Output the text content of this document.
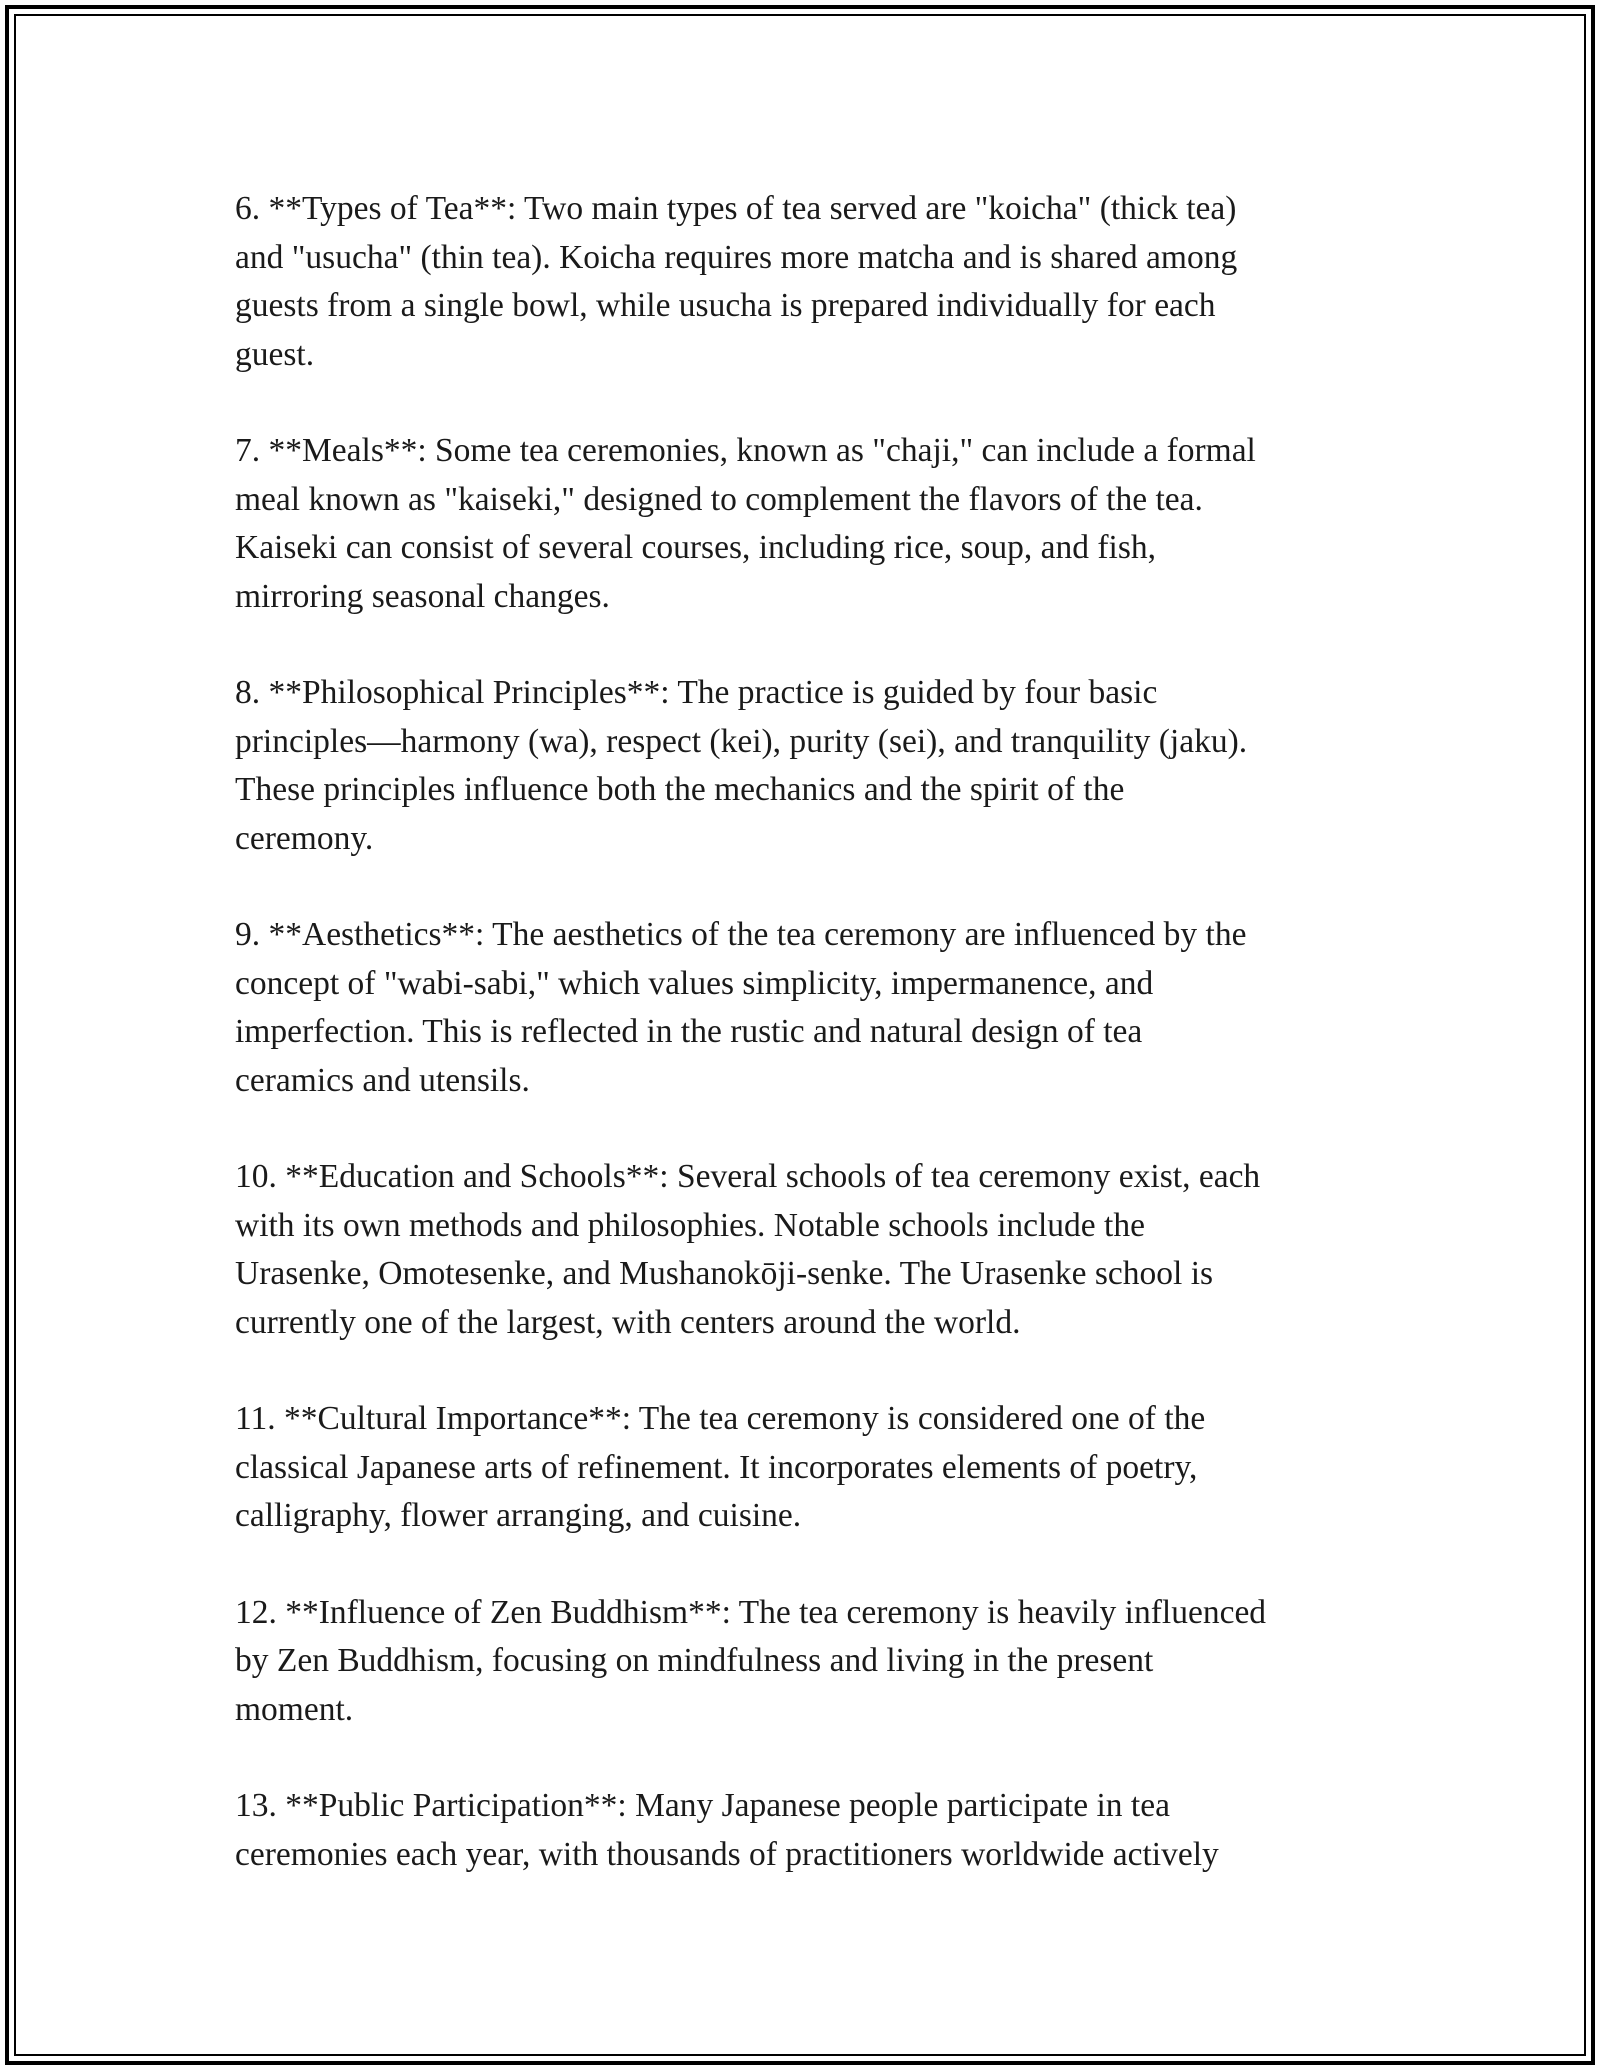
6. **Types of Tea**: Two main types of tea served are "koicha" (thick tea)
and "usucha" (thin tea). Koicha requires more matcha and is shared among
guests from a single bowl, while usucha is prepared individually for each
guest.

7. **Meals**: Some tea ceremonies, known as "chaji," can include a formal
meal known as "kaiseki," designed to complement the flavors of the tea.
Kaiseki can consist of several courses, including rice, soup, and fish,
mirroring seasonal changes.

8. **Philosophical Principles**: The practice is guided by four basic
principles—harmony (wa), respect (kei), purity (sei), and tranquility (jaku).
These principles influence both the mechanics and the spirit of the
ceremony.

9. **Aesthetics**: The aesthetics of the tea ceremony are influenced by the
concept of "wabi-sabi," which values simplicity, impermanence, and
imperfection. This is reflected in the rustic and natural design of tea
ceramics and utensils.

10. **Education and Schools**: Several schools of tea ceremony exist, each
with its own methods and philosophies. Notable schools include the
Urasenke, Omotesenke, and Mushanokōji-senke. The Urasenke school is
currently one of the largest, with centers around the world.

11. **Cultural Importance**: The tea ceremony is considered one of the
classical Japanese arts of refinement. It incorporates elements of poetry,
calligraphy, flower arranging, and cuisine.

12. **Influence of Zen Buddhism**: The tea ceremony is heavily influenced
by Zen Buddhism, focusing on mindfulness and living in the present
moment.

13. **Public Participation**: Many Japanese people participate in tea
ceremonies each year, with thousands of practitioners worldwide actively
